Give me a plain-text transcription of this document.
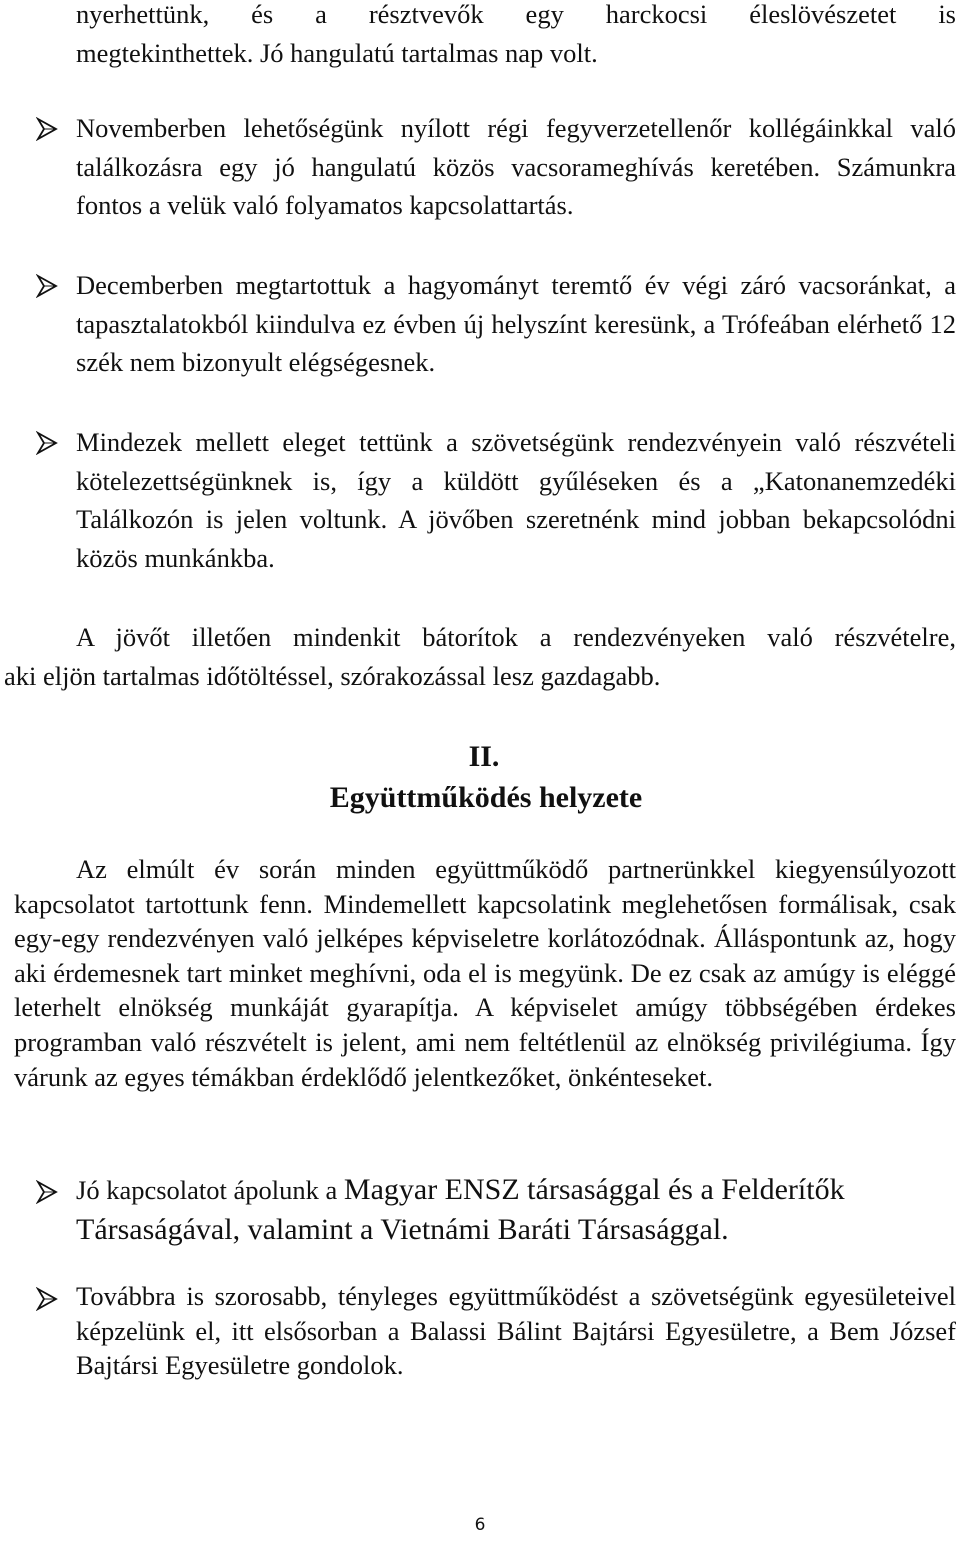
nyerhettünk, és a résztvevők egy harckocsi éleslövészetet is
megtekinthettek. Jó hangulatú tartalmas nap volt.
Novemberben lehetőségünk nyílott régi fegyverzetellenőr kollégáinkkal való találkozásra egy jó hangulatú közös vacsorameghívás keretében. Számunkra fontos a velük való folyamatos kapcsolattartás.
Decemberben megtartottuk a hagyományt teremtő év végi záró vacsoránkat, a tapasztalatokból kiindulva ez évben új helyszínt keresünk, a Trófeában elérhető 12 szék nem bizonyult elégségesnek.
Mindezek mellett eleget tettünk a szövetségünk rendezvényein való részvételi kötelezettségünknek is, így a küldött gyűléseken és a „Katonanemzedéki Találkozón is jelen voltunk. A jövőben szeretnénk mind jobban bekapcsolódni közös munkánkba.
A jövőt illetően mindenkit bátorítok a rendezvényeken való részvételre,
aki eljön tartalmas időtöltéssel, szórakozással lesz gazdagabb.
II.
Együttműködés helyzete
Az elmúlt év során minden együttműködő partnerünkkel kiegyensúlyozott kapcsolatot tartottunk fenn. Mindemellett kapcsolatink meglehetősen formálisak, csak egy-egy rendezvényen való jelképes képviseletre korlátozódnak. Álláspontunk az, hogy aki érdemesnek tart minket meghívni, oda el is megyünk. De ez csak az amúgy is eléggé leterhelt elnökség munkáját gyarapítja. A képviselet amúgy többségében érdekes programban való részvételt is jelent, ami nem feltétlenül az elnökség privilégiuma. Így várunk az egyes témákban érdeklődő jelentkezőket, önkénteseket.
Jó kapcsolatot ápolunk a Magyar ENSZ társasággal és a Felderítők Társaságával, valamint a Vietnámi Baráti Társasággal.
Továbbra is szorosabb, tényleges együttműködést a szövetségünk egyesületeivel képzelünk el, itt elsősorban a Balassi Bálint Bajtársi Egyesületre, a Bem József Bajtársi Egyesületre gondolok.
6
